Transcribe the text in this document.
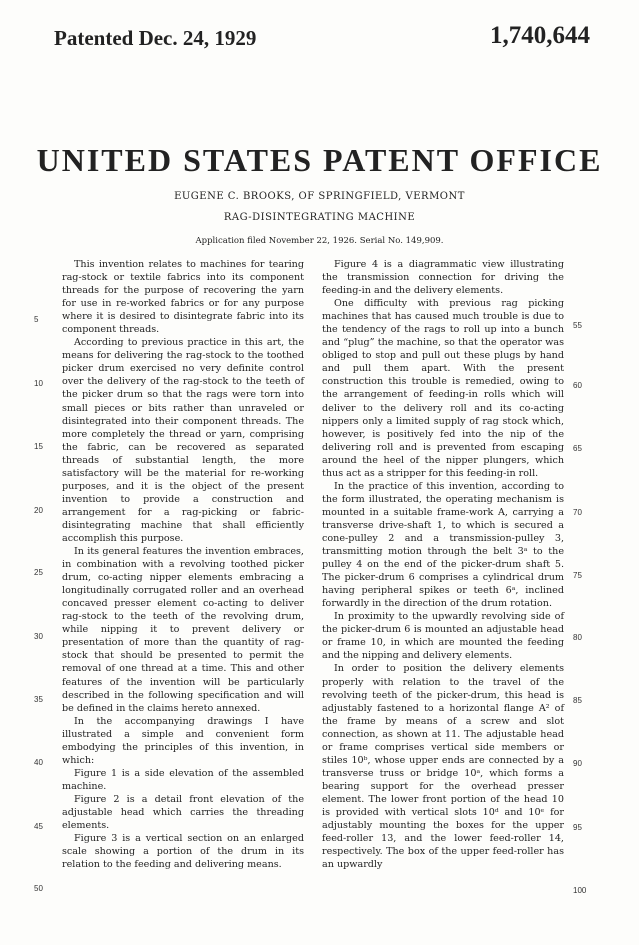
Patented Dec. 24, 1929	1,740,644
UNITED STATES PATENT OFFICE
EUGENE C. BROOKS, OF SPRINGFIELD, VERMONT
RAG-DISINTEGRATING MACHINE
Application filed November 22, 1926. Serial No. 149,909.

This invention relates to machines for tearing rag-stock or textile fabrics into its component threads for the purpose of recovering the yarn for use in re-worked fabrics or for any purpose where it is desired to disintegrate fabric into its component threads.

According to previous practice in this art, the means for delivering the rag-stock to the toothed picker drum exercised no very definite control over the delivery of the rag-stock to the teeth of the picker drum so that the rags were torn into small pieces or bits rather than unraveled or disintegrated into their component threads. The more completely the thread or yarn, comprising the fabric, can be recovered as separated threads of substantial length, the more satisfactory will be the material for re-working purposes, and it is the object of the present invention to provide a construction and arrangement for a rag-picking or fabric-disintegrating machine that shall efficiently accomplish this purpose.

In its general features the invention embraces, in combination with a revolving toothed picker drum, co-acting nipper elements embracing a longitudinally corrugated roller and an overhead concaved presser element co-acting to deliver rag-stock to the teeth of the revolving drum, while nipping it to prevent delivery or presentation of more than the quantity of rag-stock that should be presented to permit the removal of one thread at a time. This and other features of the invention will be particularly described in the following specification and will be defined in the claims hereto annexed.

In the accompanying drawings I have illustrated a simple and convenient form embodying the principles of this invention, in which:

Figure 1 is a side elevation of the assembled machine.

Figure 2 is a detail front elevation of the adjustable head which carries the threading elements.

Figure 3 is a vertical section on an enlarged scale showing a portion of the drum in its relation to the feeding and delivering means.

Figure 4 is a diagrammatic view illustrating the transmission connection for driving the feeding-in and the delivery elements.

One difficulty with previous rag picking machines that has caused much trouble is due to the tendency of the rags to roll up into a bunch and “plug” the machine, so that the operator was obliged to stop and pull out these plugs by hand and pull them apart. With the present construction this trouble is remedied, owing to the arrangement of feeding-in rolls which will deliver to the delivery roll and its co-acting nippers only a limited supply of rag stock which, however, is positively fed into the nip of the delivering roll and is prevented from escaping around the heel of the nipper plungers, which thus act as a stripper for this feeding-in roll.

In the practice of this invention, according to the form illustrated, the operating mechanism is mounted in a suitable frame-work A, carrying a transverse drive-shaft 1, to which is secured a cone-pulley 2 and a transmission-pulley 3, transmitting motion through the belt 3ᵃ to the pulley 4 on the end of the picker-drum shaft 5. The picker-drum 6 comprises a cylindrical drum having peripheral spikes or teeth 6ᵃ, inclined forwardly in the direction of the drum rotation.

In proximity to the upwardly revolving side of the picker-drum 6 is mounted an adjustable head or frame 10, in which are mounted the feeding and the nipping and delivery elements.

In order to position the delivery elements properly with relation to the travel of the revolving teeth of the picker-drum, this head is adjustably fastened to a horizontal flange A² of the frame by means of a screw and slot connection, as shown at 11. The adjustable head or frame comprises vertical side members or stiles 10ᵇ, whose upper ends are connected by a transverse truss or bridge 10ᵃ, which forms a bearing support for the overhead presser element. The lower front portion of the head 10 is provided with vertical slots 10ᵈ and 10ᵉ for adjustably mounting the boxes for the upper feed-roller 13, and the lower feed-roller 14, respectively. The box of the upper feed-roller has an upwardly

5
10
15
20
25
30
35
40
45
50
55
60
65
70
75
80
85
90
95
100
